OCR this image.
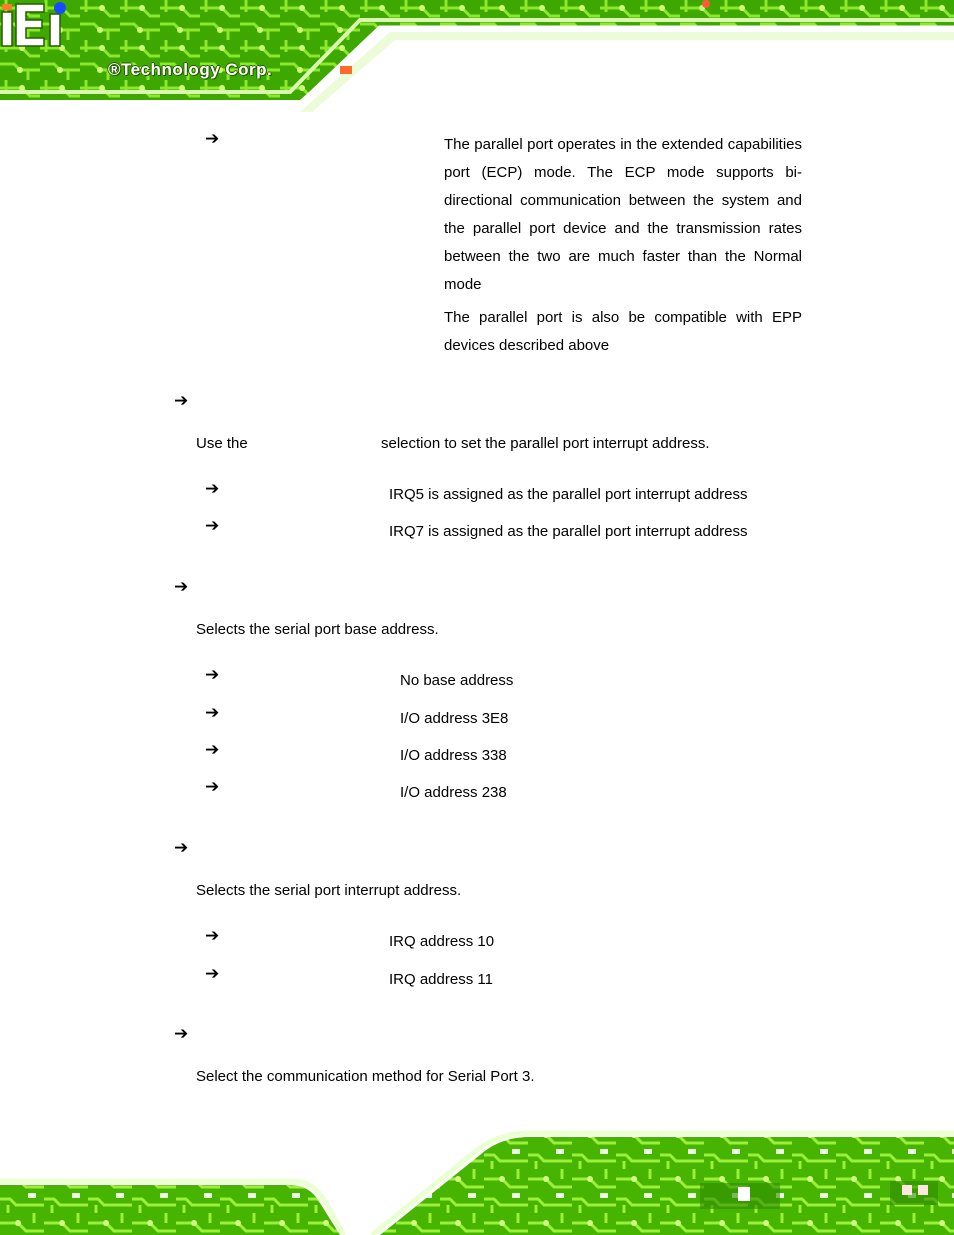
®Technology Corp.
➔	The parallel port operates in the extended capabilities port (ECP) mode. The ECP mode supports bi-directional communication between the system and the parallel port device and the transmission rates between the two are much faster than the Normal mode
The parallel port is also be compatible with EPP devices described above
➔
Use the	selection to set the parallel port interrupt address.
➔	IRQ5 is assigned as the parallel port interrupt address
➔	IRQ7 is assigned as the parallel port interrupt address
➔
Selects the serial port base address.
➔	No base address
➔	I/O address 3E8
➔	I/O address 338
➔	I/O address 238
➔
Selects the serial port interrupt address.
➔	IRQ address 10
➔	IRQ address 11
➔
Select the communication method for Serial Port 3.
